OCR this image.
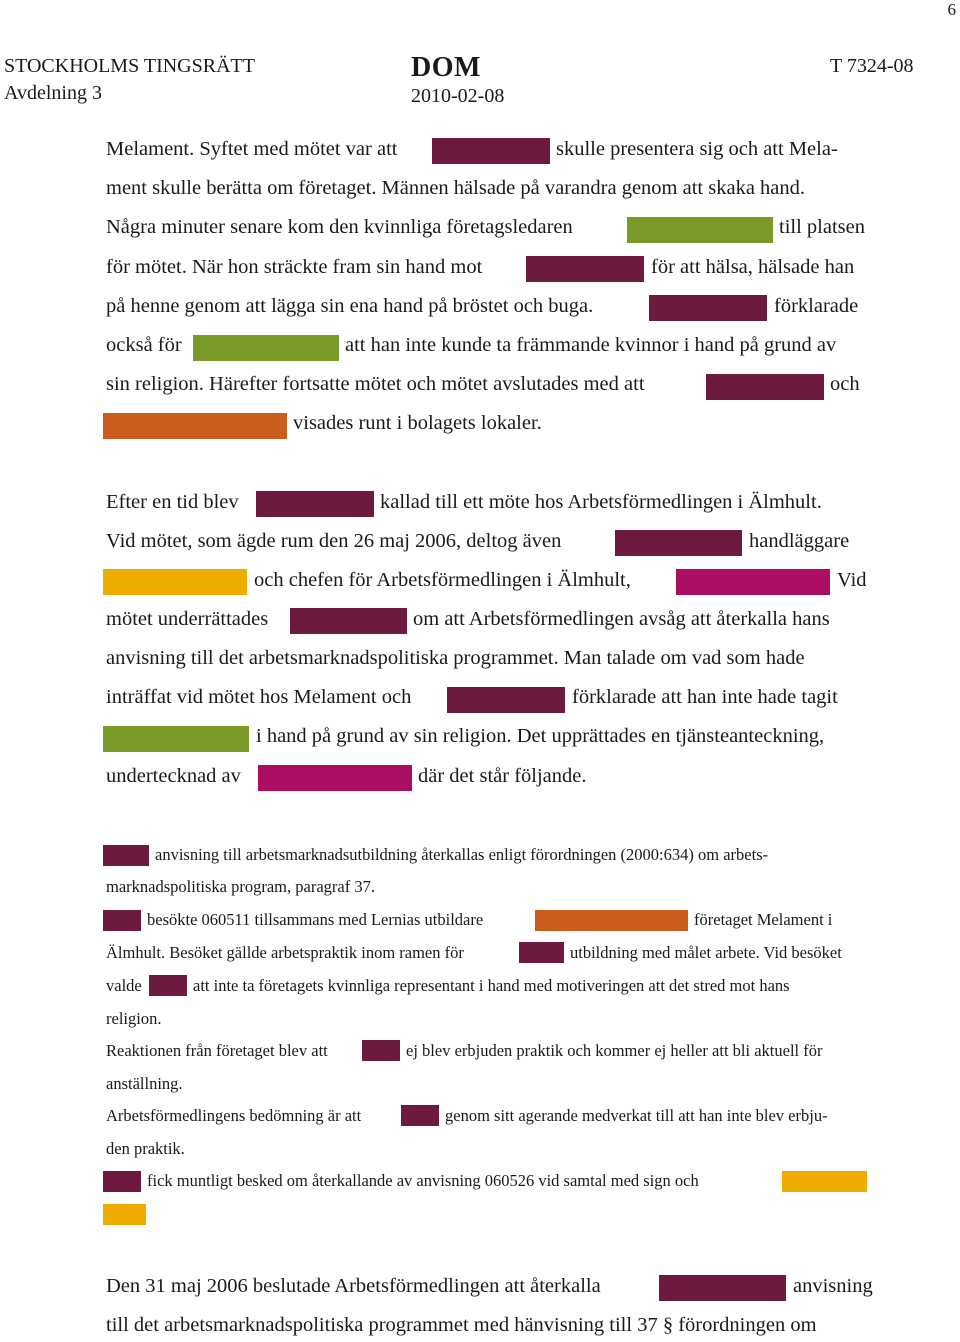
6
STOCKHOLMS TINGSRÄTT
Avdelning 3
DOM
2010-02-08
T 7324-08
Melament. Syftet med mötet var att	skulle presentera sig och att Mela-
ment skulle berätta om företaget. Männen hälsade på varandra genom att skaka hand.
Några minuter senare kom den kvinnliga företagsledaren	till platsen
för mötet. När hon sträckte fram sin hand mot	för att hälsa, hälsade han
på henne genom att lägga sin ena hand på bröstet och buga.	förklarade
också för	att han inte kunde ta främmande kvinnor i hand på grund av
sin religion. Härefter fortsatte mötet och mötet avslutades med att	och
visades runt i bolagets lokaler.
Efter en tid blev	kallad till ett möte hos Arbetsförmedlingen i Älmhult.
Vid mötet, som ägde rum den 26 maj 2006, deltog även	handläggare
och chefen för Arbetsförmedlingen i Älmhult,	Vid
mötet underrättades	om att Arbetsförmedlingen avsåg att återkalla hans
anvisning till det arbetsmarknadspolitiska programmet. Man talade om vad som hade
inträffat vid mötet hos Melament och	förklarade att han inte hade tagit
i hand på grund av sin religion. Det upprättades en tjänsteanteckning,
undertecknad av	där det står följande.
anvisning till arbetsmarknadsutbildning återkallas enligt förordningen (2000:634) om arbets-
marknadspolitiska program, paragraf 37.
besökte 060511 tillsammans med Lernias utbildare	företaget Melament i
Älmhult. Besöket gällde arbetspraktik inom ramen för	utbildning med målet arbete. Vid besöket
valde	att inte ta företagets kvinnliga representant i hand med motiveringen att det stred mot hans
religion.
Reaktionen från företaget blev att	ej blev erbjuden praktik och kommer ej heller att bli aktuell för
anställning.
Arbetsförmedlingens bedömning är att	genom sitt agerande medverkat till att han inte blev erbju-
den praktik.
fick muntligt besked om återkallande av anvisning 060526 vid samtal med sign och
Den 31 maj 2006 beslutade Arbetsförmedlingen att återkalla	anvisning
till det arbetsmarknadspolitiska programmet med hänvisning till 37 § förordningen om
